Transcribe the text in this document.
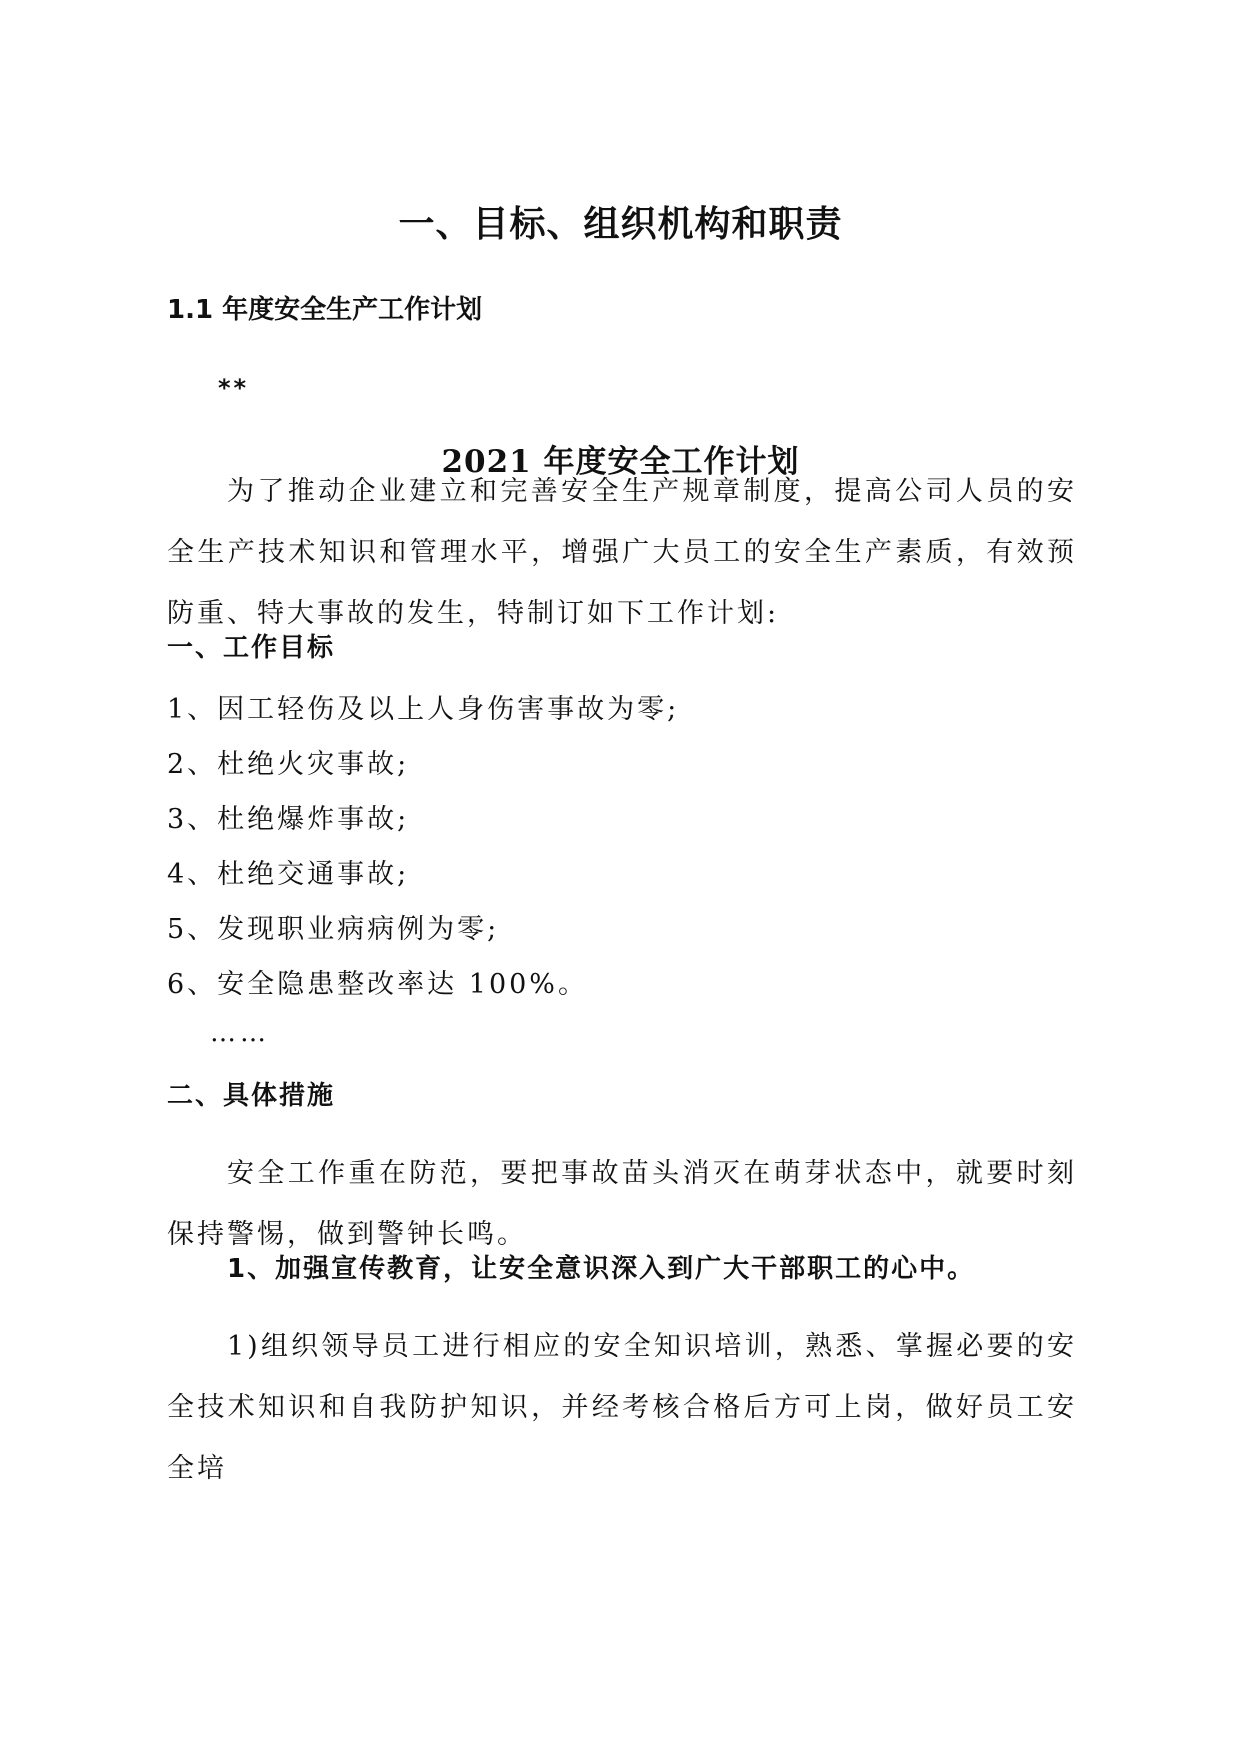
一、目标、组织机构和职责
1.1 年度安全生产工作计划
**
2021 年度安全工作计划

为了推动企业建立和完善安全生产规章制度，提高公司人员的安全生产技术知识和管理水平，增强广大员工的安全生产素质，有效预防重、特大事故的发生，特制订如下工作计划:

一、工作目标
1、因工轻伤及以上人身伤害事故为零;
2、杜绝火灾事故;
3、杜绝爆炸事故;
4、杜绝交通事故;
5、发现职业病病例为零;
6、安全隐患整改率达 100%。
……
二、具体措施

安全工作重在防范，要把事故苗头消灭在萌芽状态中，就要时刻保持警惕，做到警钟长鸣。

1、加强宣传教育，让安全意识深入到广大干部职工的心中。

1)组织领导员工进行相应的安全知识培训，熟悉、掌握必要的安全技术知识和自我防护知识，并经考核合格后方可上岗，做好员工安全培
